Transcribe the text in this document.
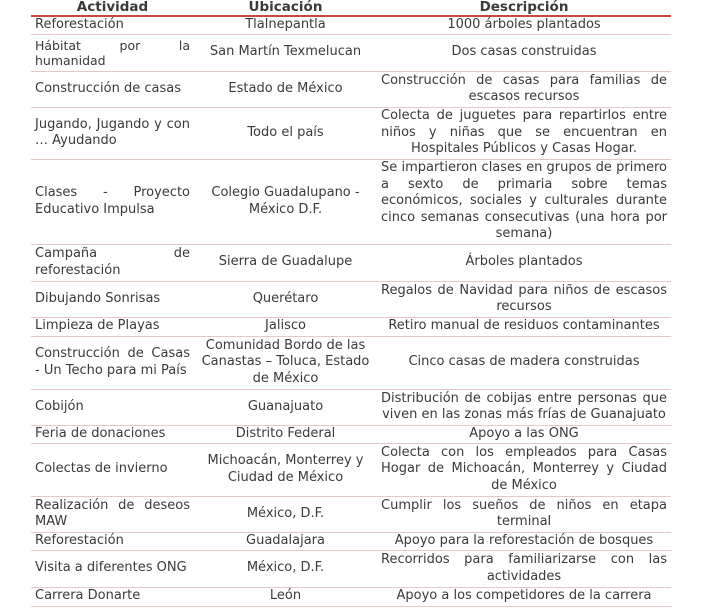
Actividad	Ubicación	Descripción
Reforestación	Tlalnepantla	1000 árboles plantados
Hábitat por la humanidad	San Martín Texmelucan	Dos casas construidas
Construcción de casas	Estado de México	Construcción de casas para familias de escasos recursos
Jugando, Jugando y con … Ayudando	Todo el país	Colecta de juguetes para repartirlos entre niños y niñas que se encuentran en Hospitales Públicos y Casas Hogar.
Clases - Proyecto Educativo Impulsa	Colegio Guadalupano - México D.F.	Se impartieron clases en grupos de primero a sexto de primaria sobre temas económicos, sociales y culturales durante cinco semanas consecutivas (una hora por semana)
Campaña de reforestación	Sierra de Guadalupe	Árboles plantados
Dibujando Sonrisas	Querétaro	Regalos de Navidad para niños de escasos recursos
Limpieza de Playas	Jalisco	Retiro manual de residuos contaminantes
Construcción de Casas - Un Techo para mi País	Comunidad Bordo de las Canastas – Toluca, Estado de México	Cinco casas de madera construidas
Cobijón	Guanajuato	Distribución de cobijas entre personas que viven en las zonas más frías de Guanajuato
Feria de donaciones	Distrito Federal	Apoyo a las ONG
Colectas de invierno	Michoacán, Monterrey y Ciudad de México	Colecta con los empleados para Casas Hogar de Michoacán, Monterrey y Ciudad de México
Realización de deseos MAW	México, D.F.	Cumplir los sueños de niños en etapa terminal
Reforestación	Guadalajara	Apoyo para la reforestación de bosques
Visita a diferentes ONG	México, D.F.	Recorridos para familiarizarse con las actividades
Carrera Donarte	León	Apoyo a los competidores de la carrera
